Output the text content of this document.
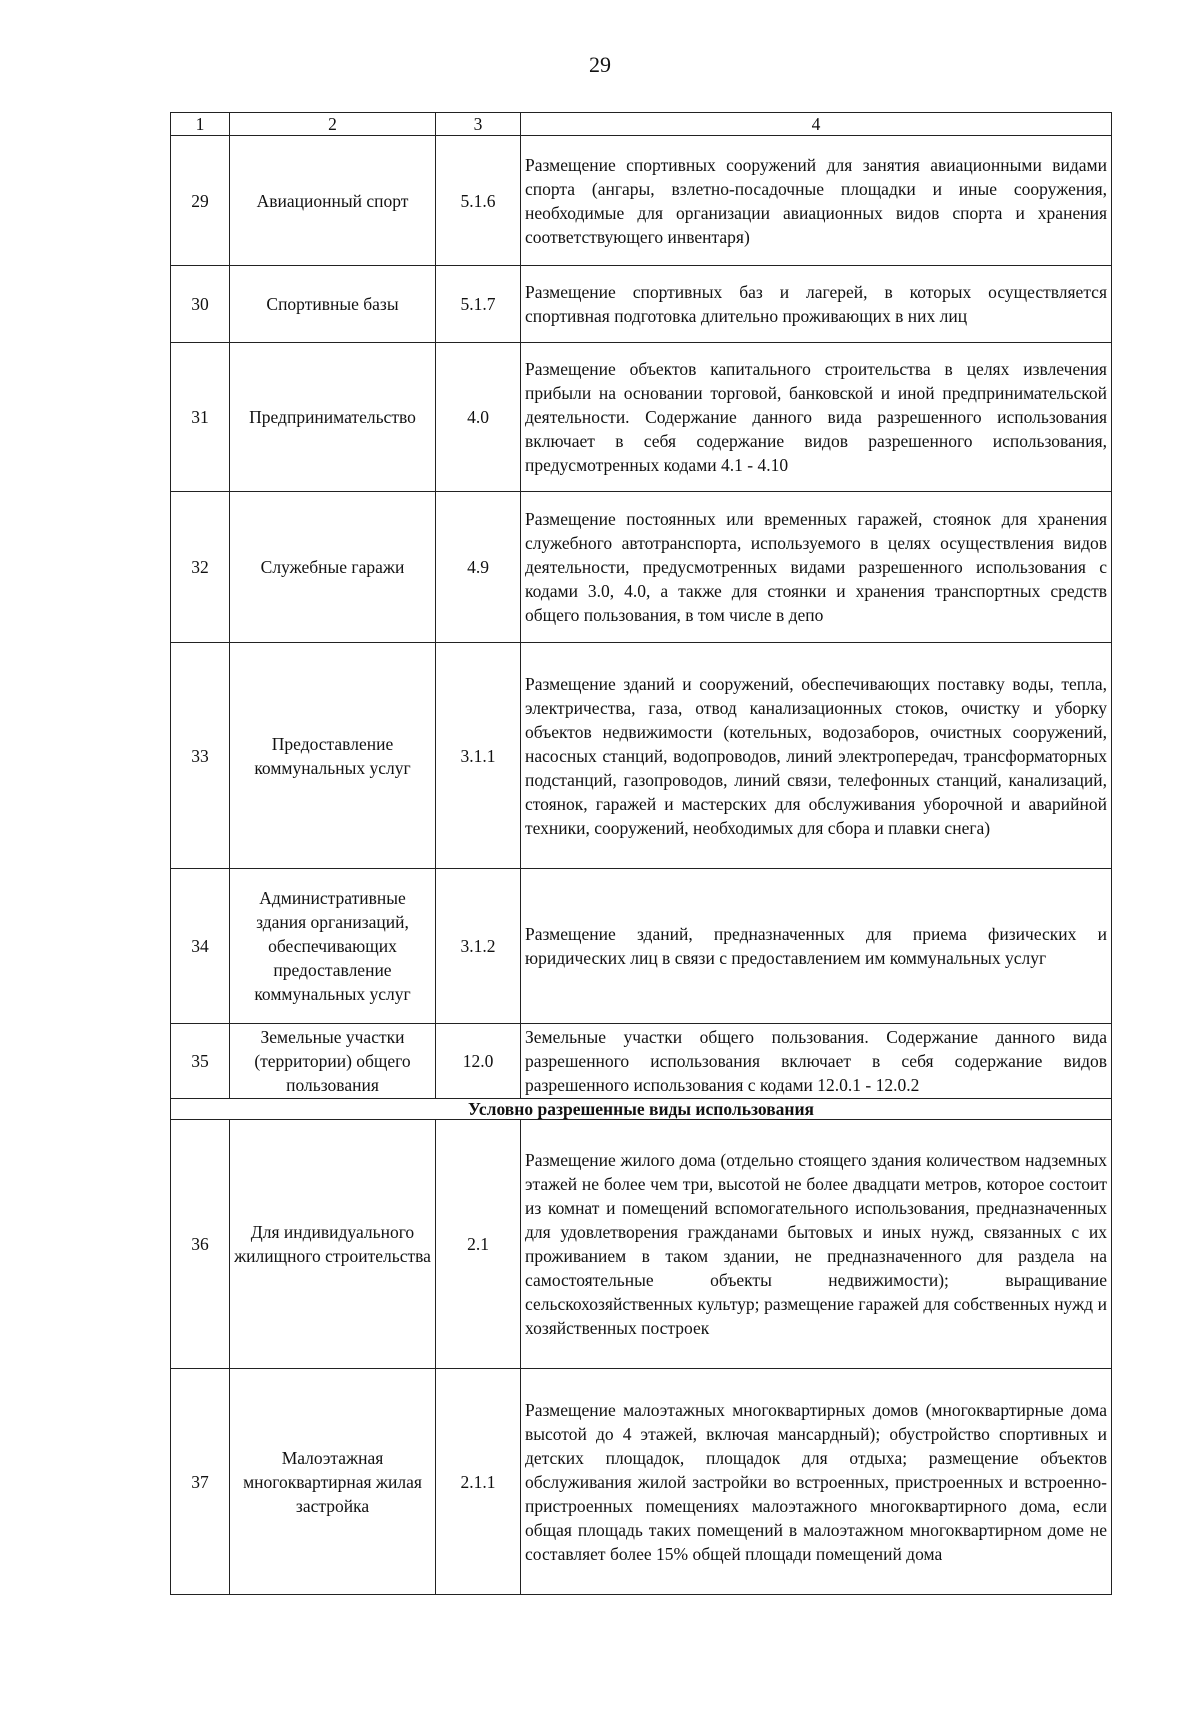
29
1	2	3	4
29	Авиационный спорт	5.1.6	Размещение спортивных сооружений для занятия авиационными видами спорта (ангары, взлетно-посадочные площадки и иные сооружения, необходимые для организации авиационных видов спорта и хранения соответствующего инвентаря)
30	Спортивные базы	5.1.7	Размещение спортивных баз и лагерей, в которых осуществляется спортивная подготовка длительно проживающих в них лиц
31	Предпринимательство	4.0	Размещение объектов капитального строительства в целях извлечения прибыли на основании торговой, банковской и иной предпринимательской деятельности. Содержание данного вида разрешенного использования включает в себя содержание видов разрешенного использования, предусмотренных кодами 4.1 - 4.10
32	Служебные гаражи	4.9	Размещение постоянных или временных гаражей, стоянок для хранения служебного автотранспорта, используемого в целях осуществления видов деятельности, предусмотренных видами разрешенного использования с кодами 3.0, 4.0, а также для стоянки и хранения транспортных средств общего пользования, в том числе в депо
33	Предоставление коммунальных услуг	3.1.1	Размещение зданий и сооружений, обеспечивающих поставку воды, тепла, электричества, газа, отвод канализационных стоков, очистку и уборку объектов недвижимости (котельных, водозаборов, очистных сооружений, насосных станций, водопроводов, линий электропередач, трансформаторных подстанций, газопроводов, линий связи, телефонных станций, канализаций, стоянок, гаражей и мастерских для обслуживания уборочной и аварийной техники, сооружений, необходимых для сбора и плавки снега)
34	Административные здания организаций, обеспечивающих предоставление коммунальных услуг	3.1.2	Размещение зданий, предназначенных для приема физических и юридических лиц в связи с предоставлением им коммунальных услуг
35	Земельные участки (территории) общего пользования	12.0	Земельные участки общего пользования. Содержание данного вида разрешенного использования включает в себя содержание видов разрешенного использования с кодами 12.0.1 - 12.0.2
Условно разрешенные виды использования			
36	Для индивидуального жилищного строительства	2.1	Размещение жилого дома (отдельно стоящего здания количеством надземных этажей не более чем три, высотой не более двадцати метров, которое состоит из комнат и помещений вспомогательного использования, предназначенных для удовлетворения гражданами бытовых и иных нужд, связанных с их проживанием в таком здании, не предназначенного для раздела на самостоятельные объекты недвижимости); выращивание сельскохозяйственных культур; размещение гаражей для собственных нужд и хозяйственных построек
37	Малоэтажная многоквартирная жилая застройка	2.1.1	Размещение малоэтажных многоквартирных домов (многоквартирные дома высотой до 4 этажей, включая мансардный); обустройство спортивных и детских площадок, площадок для отдыха; размещение объектов обслуживания жилой застройки во встроенных, пристроенных и встроенно-пристроенных помещениях малоэтажного многоквартирного дома, если общая площадь таких помещений в малоэтажном многоквартирном доме не составляет более 15% общей площади помещений дома
